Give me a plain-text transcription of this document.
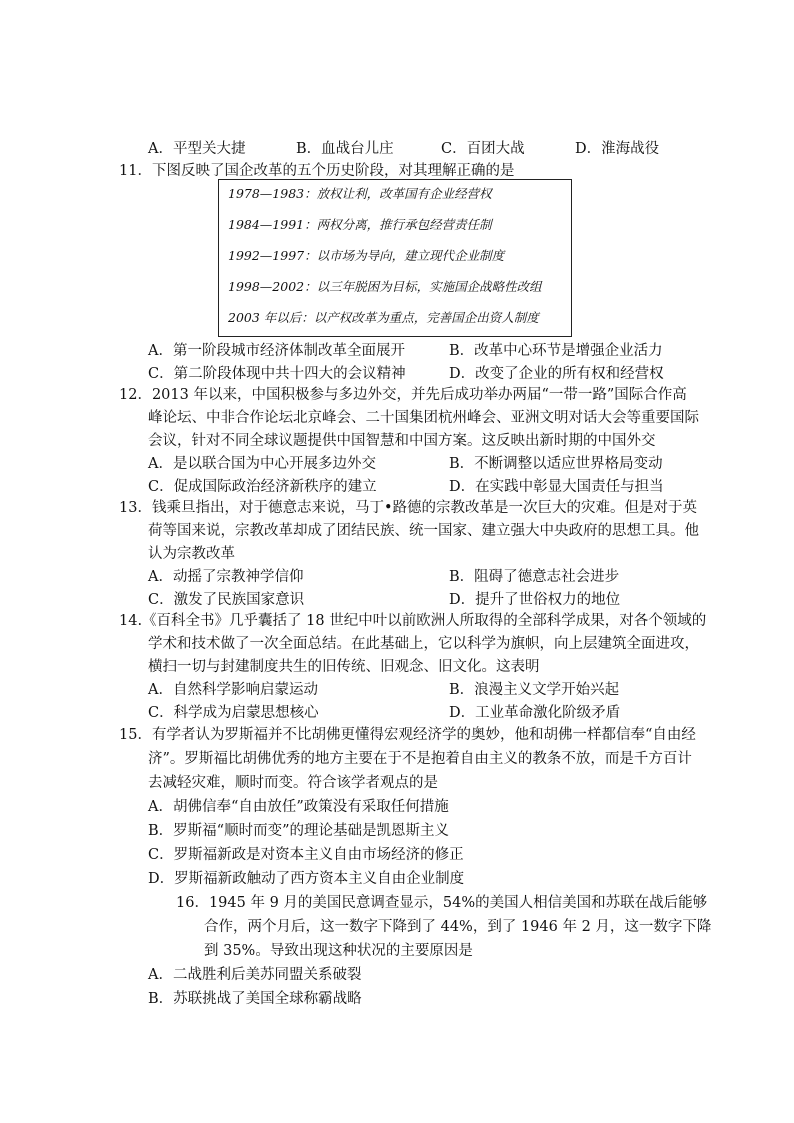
A．平型关大捷	B．血战台儿庄	C．百团大战	D．淮海战役
11．下图反映了国企改革的五个历史阶段，对其理解正确的是
1978—1983：放权让利，改革国有企业经营权
1984—1991：两权分离，推行承包经营责任制
1992—1997：以市场为导向，建立现代企业制度
1998—2002：以三年脱困为目标，实施国企战略性改组
2003 年以后：以产权改革为重点，完善国企出资人制度
A．第一阶段城市经济体制改革全面展开	B．改革中心环节是增强企业活力
C．第二阶段体现中共十四大的会议精神	D．改变了企业的所有权和经营权
12．2013 年以来，中国积极参与多边外交，并先后成功举办两届“一带一路”国际合作高
峰论坛、中非合作论坛北京峰会、二十国集团杭州峰会、亚洲文明对话大会等重要国际
会议，针对不同全球议题提供中国智慧和中国方案。这反映出新时期的中国外交
A．是以联合国为中心开展多边外交	B．不断调整以适应世界格局变动
C．促成国际政治经济新秩序的建立	D．在实践中彰显大国责任与担当
13．钱乘旦指出，对于德意志来说，马丁•路德的宗教改革是一次巨大的灾难。但是对于英
荷等国来说，宗教改革却成了团结民族、统一国家、建立强大中央政府的思想工具。他
认为宗教改革
A．动摇了宗教神学信仰	B．阻碍了德意志社会进步
C．激发了民族国家意识	D．提升了世俗权力的地位
14.《百科全书》几乎囊括了 18 世纪中叶以前欧洲人所取得的全部科学成果，对各个领域的
学术和技术做了一次全面总结。在此基础上，它以科学为旗帜，向上层建筑全面进攻，
横扫一切与封建制度共生的旧传统、旧观念、旧文化。这表明
A．自然科学影响启蒙运动	B．浪漫主义文学开始兴起
C．科学成为启蒙思想核心	D．工业革命激化阶级矛盾
15．有学者认为罗斯福并不比胡佛更懂得宏观经济学的奥妙，他和胡佛一样都信奉“自由经
济”。罗斯福比胡佛优秀的地方主要在于不是抱着自由主义的教条不放，而是千方百计
去减轻灾难，顺时而变。符合该学者观点的是
A．胡佛信奉“自由放任”政策没有采取任何措施
B．罗斯福“顺时而变”的理论基础是凯恩斯主义
C．罗斯福新政是对资本主义自由市场经济的修正
D．罗斯福新政触动了西方资本主义自由企业制度
16．1945 年 9 月的美国民意调查显示，54%的美国人相信美国和苏联在战后能够
合作，两个月后，这一数字下降到了 44%，到了 1946 年 2 月，这一数字下降
到 35%。导致出现这种状况的主要原因是
A．二战胜利后美苏同盟关系破裂
B．苏联挑战了美国全球称霸战略
